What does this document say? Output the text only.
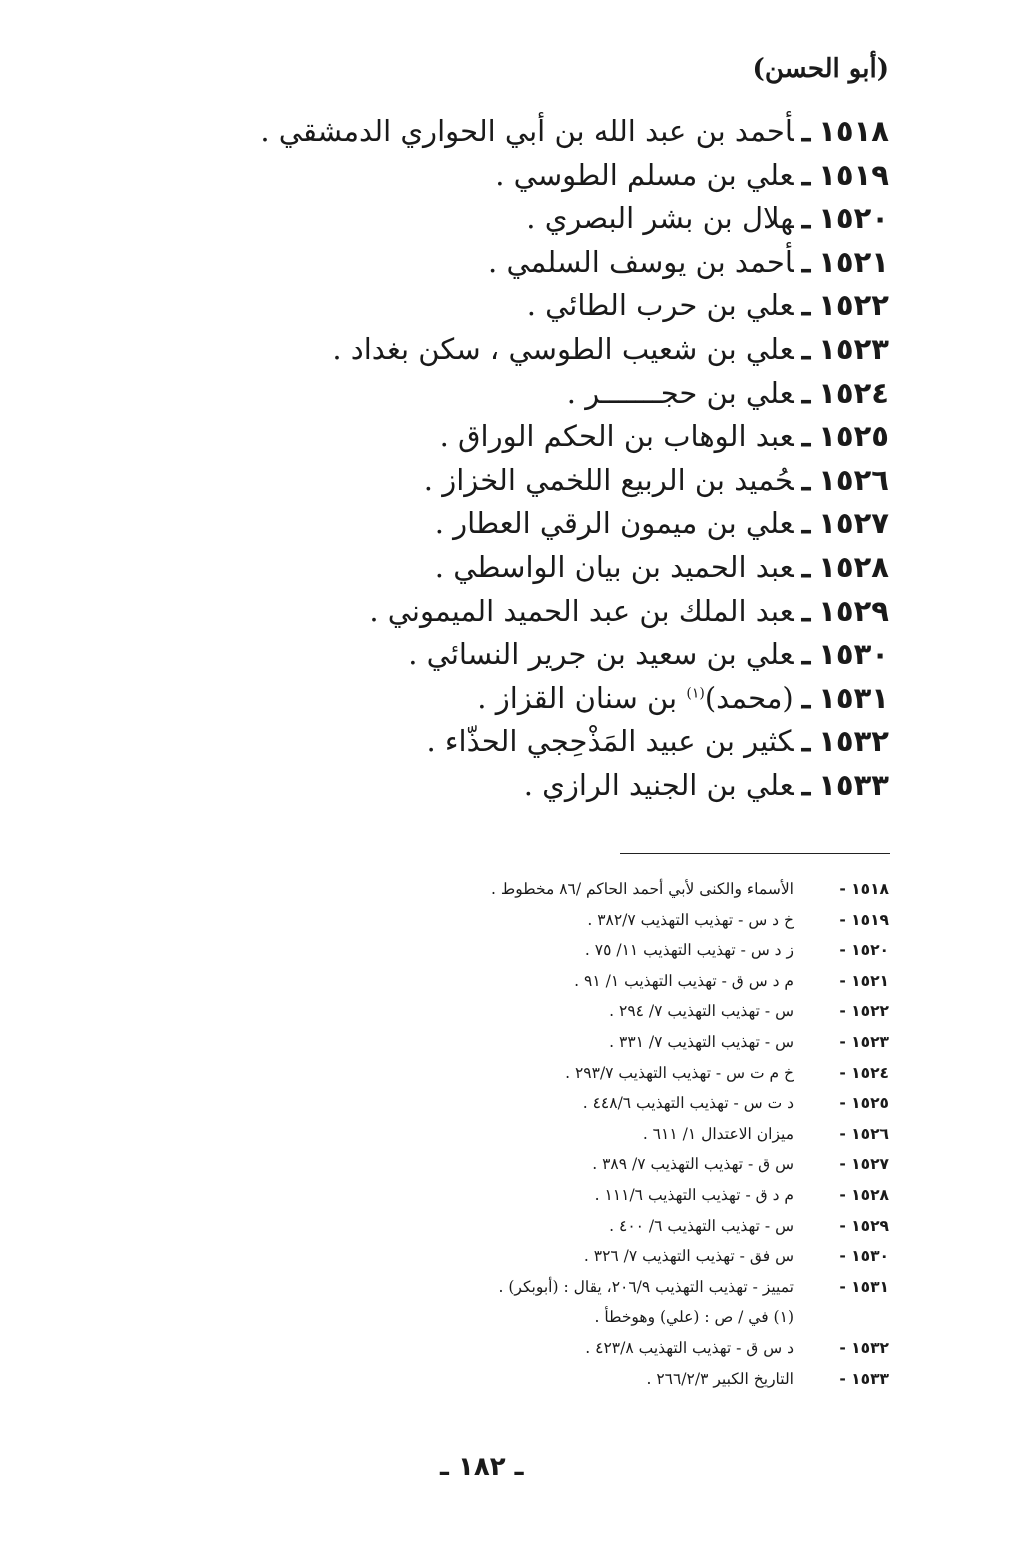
(أبو الحسن)
١٥١٨ـأحمد بن عبد الله بن أبي الحواري الدمشقي .
١٥١٩ـعلي بن مسلم الطوسي .
١٥٢٠ـهلال بن بشر البصري .
١٥٢١ـأحمد بن يوسف السلمي .
١٥٢٢ـعلي بن حرب الطائي .
١٥٢٣ـعلي بن شعيب الطوسي ، سكن بغداد .
١٥٢٤ـعلي بن حجـــــــر .
١٥٢٥ـعبد الوهاب بن الحكم الوراق .
١٥٢٦ـحُميد بن الربيع اللخمي الخزاز .
١٥٢٧ـعلي بن ميمون الرقي العطار .
١٥٢٨ـعبد الحميد بن بيان الواسطي .
١٥٢٩ـعبد الملك بن عبد الحميد الميموني .
١٥٣٠ـعلي بن سعيد بن جرير النسائي .
١٥٣١ـ(محمد)$^{(١)}$ بن سنان القزاز .
١٥٣٢ـكثير بن عبيد المَذْحِجي الحذّاء .
١٥٣٣ـعلي بن الجنيد الرازي .
١٥١٨ -الأسماء والكنى لأبي أحمد الحاكم /٨٦ مخطوط .
١٥١٩ -خ د س - تهذيب التهذيب ٣٨٢/٧ .
١٥٢٠ -ز د س - تهذيب التهذيب ١١/ ٧٥ .
١٥٢١ -م د س ق - تهذيب التهذيب ١/ ٩١ .
١٥٢٢ -س - تهذيب التهذيب ٧/ ٢٩٤ .
١٥٢٣ -س - تهذيب التهذيب ٧/ ٣٣١ .
١٥٢٤ -خ م ت س - تهذيب التهذيب ٢٩٣/٧ .
١٥٢٥ -د ت س - تهذيب التهذيب ٤٤٨/٦ .
١٥٢٦ -ميزان الاعتدال ١/ ٦١١ .
١٥٢٧ -س ق - تهذيب التهذيب ٧/ ٣٨٩ .
١٥٢٨ -م د ق - تهذيب التهذيب ١١١/٦ .
١٥٢٩ -س - تهذيب التهذيب ٦/ ٤٠٠ .
١٥٣٠ -س فق - تهذيب التهذيب ٧/ ٣٢٦ .
١٥٣١ -تمييز - تهذيب التهذيب ٢٠٦/٩، يقال : (أبوبكر) .
(١) في / ص : (علي) وهوخطأ .
١٥٣٢ -د س ق - تهذيب التهذيب ٤٢٣/٨ .
١٥٣٣ -التاريخ الكبير ٢٦٦/٢/٣ .
ـ ١٨٢ ـ
